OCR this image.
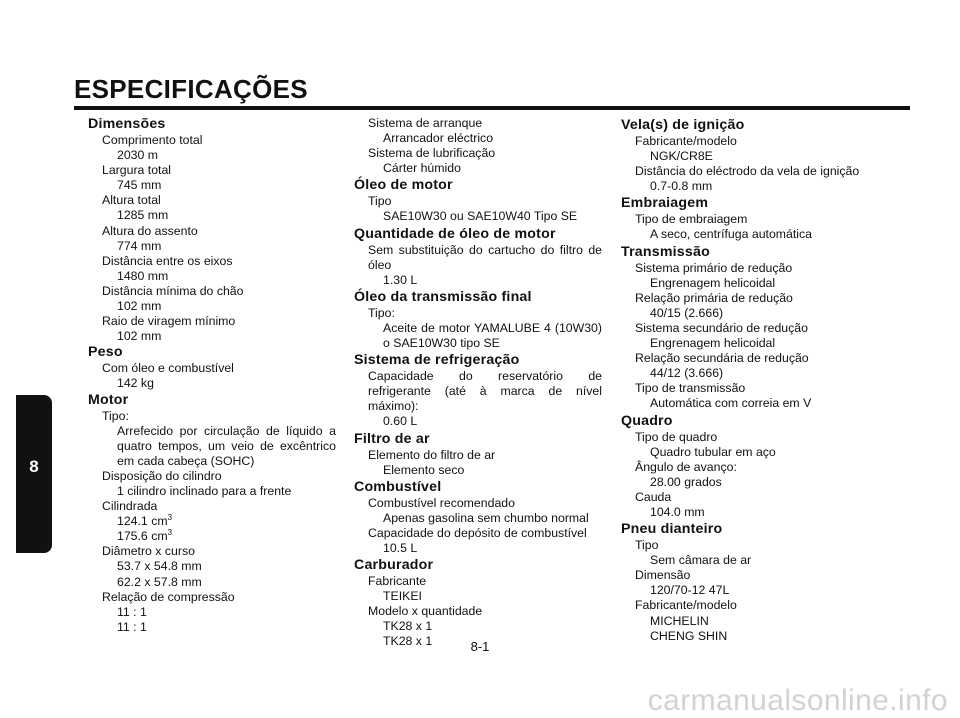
ESPECIFICAÇÕES

Dimensões

Comprimento total

2030 m

Largura total

745 mm

Altura total

1285 mm

Altura do assento

774 mm

Distância entre os eixos

1480 mm

Distância mínima do chão

102 mm

Raio de viragem mínimo

102 mm

Peso

Com óleo e combustível

142 kg

Motor

Tipo:

Arrefecido por circulação de líquido a quatro tempos, um veio de excêntrico em cada cabeça (SOHC)

Disposição do cilindro

1 cilindro inclinado para a frente

Cilindrada

124.1 $cm^3$

175.6 $cm^3$

Diâmetro x curso

53.7 x 54.8 mm

62.2 x 57.8 mm

Relação de compressão

11 : 1

11 : 1

Sistema de arranque

Arrancador eléctrico

Sistema de lubrificação

Cárter húmido

Óleo de motor

Tipo

SAE10W30 ou SAE10W40 Tipo SE

Quantidade de óleo de motor

Sem substituição do cartucho do filtro de óleo

1.30 L

Óleo da transmissão final

Tipo:

Aceite de motor YAMALUBE 4 (10W30) o SAE10W30 tipo SE

Sistema de refrigeração

Capacidade do reservatório de refrigerante (até à marca de nível máximo):

0.60 L

Filtro de ar

Elemento do filtro de ar

Elemento seco

Combustível

Combustível recomendado

Apenas gasolina sem chumbo normal

Capacidade do depósito de combustível

10.5 L

Carburador

Fabricante

TEIKEI

Modelo x quantidade

TK28 x 1

TK28 x 1

Vela(s) de ignição

Fabricante/modelo

NGK/CR8E

Distância do eléctrodo da vela de ignição

0.7-0.8 mm

Embraiagem

Tipo de embraiagem

A seco, centrífuga automática

Transmissão

Sistema primário de redução

Engrenagem helicoidal

Relação primária de redução

40/15 (2.666)

Sistema secundário de redução

Engrenagem helicoidal

Relação secundária de redução

44/12 (3.666)

Tipo de transmissão

Automática com correia em V

Quadro

Tipo de quadro

Quadro tubular em aço

Ângulo de avanço:

28.00 grados

Cauda

104.0 mm

Pneu dianteiro

Tipo

Sem câmara de ar

Dimensão

120/70-12 47L

Fabricante/modelo

MICHELIN

CHENG SHIN

8
8-1
carmanualsonline.info
